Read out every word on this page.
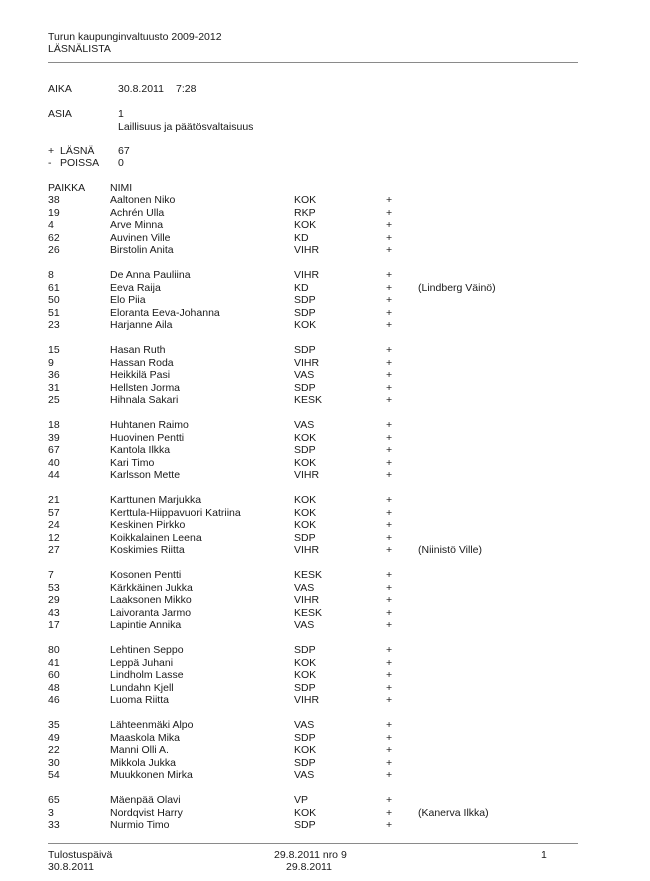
Turun kaupunginvaltuusto 2009-2012
LÄSNÄLISTA
AIKA	30.8.2011 7:28
ASIA	1
Laillisuus ja päätösvaltaisuus
+ LÄSNÄ 67
- POISSA 0
PAIKKA NIMI
38	Aaltonen Niko	KOK	+
19	Achrén Ulla	RKP	+
4	Arve Minna	KOK	+
62	Auvinen Ville	KD	+
26	Birstolin Anita	VIHR	+
8	De Anna Pauliina	VIHR	+
61	Eeva Raija	KD	+ (Lindberg Väinö)
50	Elo Piia	SDP	+
51	Eloranta Eeva-Johanna	SDP	+
23	Harjanne Aila	KOK	+
15	Hasan Ruth	SDP	+
9	Hassan Roda	VIHR	+
36	Heikkilä Pasi	VAS	+
31	Hellsten Jorma	SDP	+
25	Hihnala Sakari	KESK	+
18	Huhtanen Raimo	VAS	+
39	Huovinen Pentti	KOK	+
67	Kantola Ilkka	SDP	+
40	Kari Timo	KOK	+
44	Karlsson Mette	VIHR	+
21	Karttunen Marjukka	KOK	+
57	Kerttula-Hiippavuori Katriina	KOK	+
24	Keskinen Pirkko	KOK	+
12	Koikkalainen Leena	SDP	+
27	Koskimies Riitta	VIHR	+ (Niinistö Ville)
7	Kosonen Pentti	KESK	+
53	Kärkkäinen Jukka	VAS	+
29	Laaksonen Mikko	VIHR	+
43	Laivoranta Jarmo	KESK	+
17	Lapintie Annika	VAS	+
80	Lehtinen Seppo	SDP	+
41	Leppä Juhani	KOK	+
60	Lindholm Lasse	KOK	+
48	Lundahn Kjell	SDP	+
46	Luoma Riitta	VIHR	+
35	Lähteenmäki Alpo	VAS	+
49	Maaskola Mika	SDP	+
22	Manni Olli A.	KOK	+
30	Mikkola Jukka	SDP	+
54	Muukkonen Mirka	VAS	+
65	Mäenpää Olavi	VP	+
3	Nordqvist Harry	KOK	+ (Kanerva Ilkka)
33	Nurmio Timo	SDP	+
Tulostuspäivä
30.8.2011
29.8.2011 nro 9
29.8.2011
1
